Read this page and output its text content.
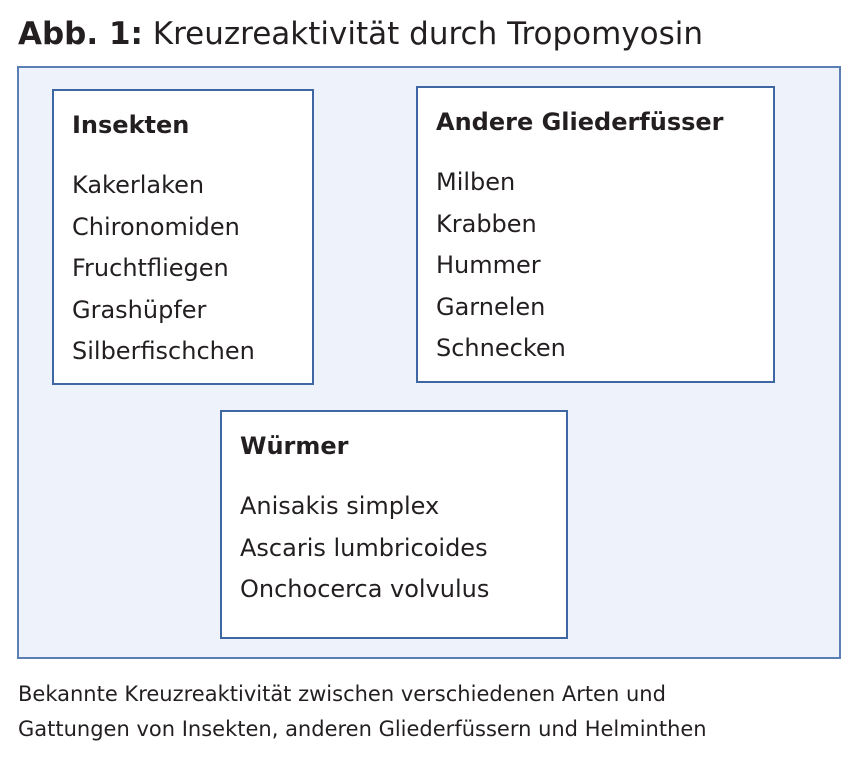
Abb. 1: Kreuzreaktivität durch Tropomyosin
Insekten
Kakerlaken
Chironomiden
Fruchtfliegen
Grashüpfer
Silberfischchen
Andere Gliederfüsser
Milben
Krabben
Hummer
Garnelen
Schnecken
Würmer
Anisakis simplex
Ascaris lumbricoides
Onchocerca volvulus
Bekannte Kreuzreaktivität zwischen verschiedenen Arten und
Gattungen von Insekten, anderen Gliederfüssern und Helminthen
